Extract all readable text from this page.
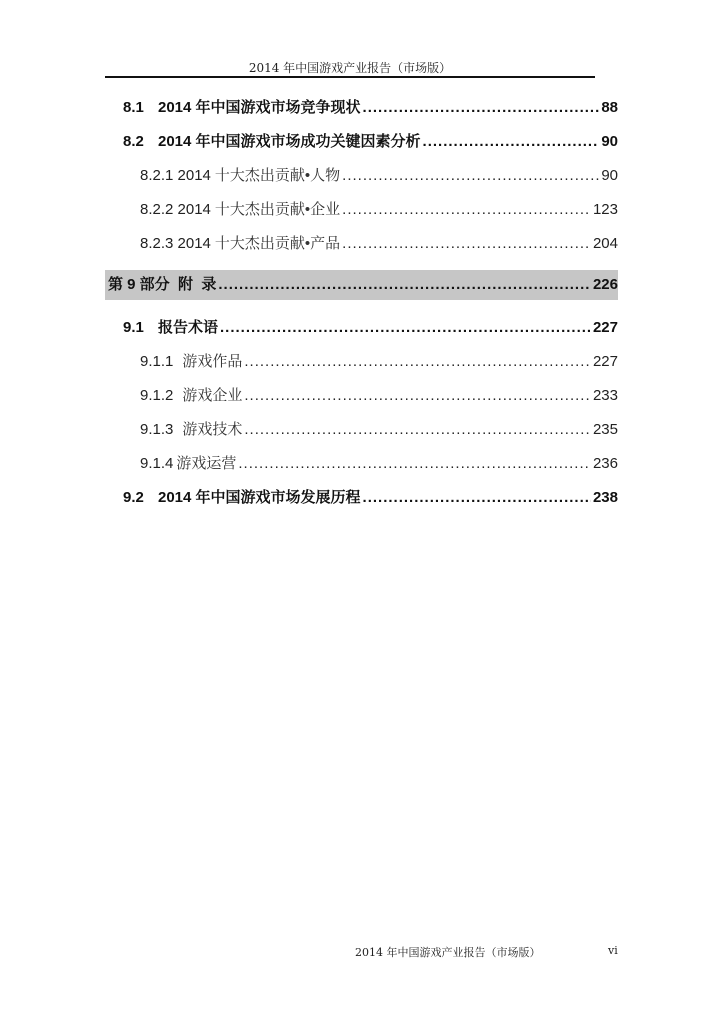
2014 年中国游戏产业报告（市场版）
8.1 2014 年中国游戏市场竞争现状 .....	88
8.2 2014 年中国游戏市场成功关键因素分析 .....	90
8.2.1 2014 十大杰出贡献•人物 .....	90
8.2.2 2014 十大杰出贡献•企业 .....	123
8.2.3 2014 十大杰出贡献•产品 .....	204
第 9 部分  附  录 .....	226
9.1 报告术语 .....	227
9.1.1 游戏作品 .....	227
9.1.2 游戏企业 .....	233
9.1.3 游戏技术 .....	235
9.1.4 游戏运营 .....	236
9.2 2014 年中国游戏市场发展历程 .....	238
2014 年中国游戏产业报告（市场版）	vi
